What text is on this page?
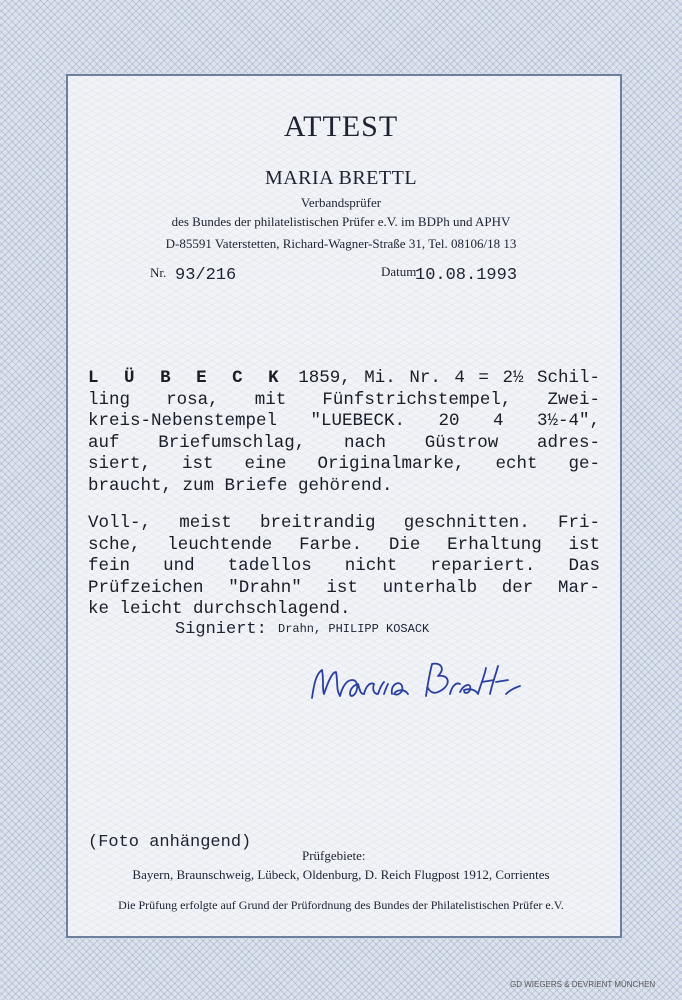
ATTEST
MARIA BRETTL
Verbandsprüfer
des Bundes der philatelistischen Prüfer e.V. im BDPh und APHV
D-85591 Vaterstetten, Richard-Wagner-Straße 31, Tel. 08106/18 13
Nr. 93/216	Datum
10.08.1993
L Ü B E C K 1859, Mi. Nr. 4 = 2½ Schil-
ling rosa, mit Fünfstrichstempel, Zwei-
kreis-Nebenstempel "LUEBECK. 20 4 3½-4",
auf Briefumschlag, nach Güstrow adres-
siert, ist eine Originalmarke, echt ge-
braucht, zum Briefe gehörend.
Voll-, meist breitrandig geschnitten. Fri-
sche, leuchtende Farbe. Die Erhaltung ist
fein und tadellos nicht repariert. Das
Prüfzeichen "Drahn" ist unterhalb der Mar-
ke leicht durchschlagend.
Signiert: Drahn, PHILIPP KOSACK
(Foto anhängend)
Prüfgebiete:
Bayern, Braunschweig, Lübeck, Oldenburg, D. Reich Flugpost 1912, Corrientes
Die Prüfung erfolgte auf Grund der Prüfordnung des Bundes der Philatelistischen Prüfer e.V.
GD WIEGERS & DEVRIENT MÜNCHEN
